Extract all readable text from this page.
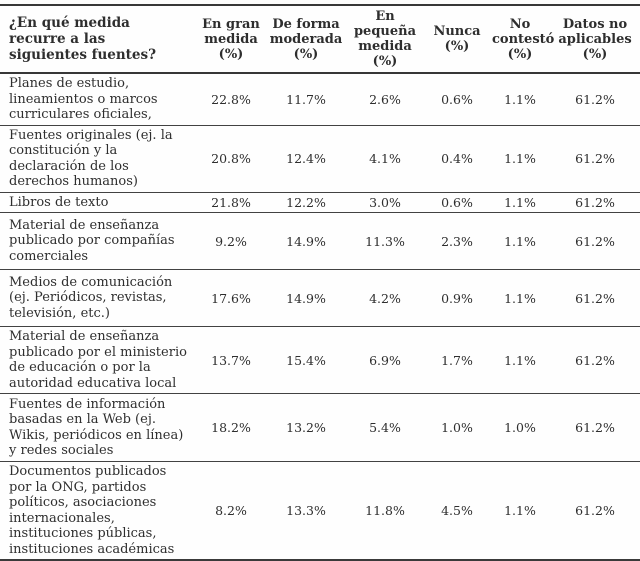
¿En qué medida recurre a las siguientes fuentes?	En gran medida (%)	De forma moderada (%)	En pequeña medida (%)	Nunca (%)	No contestó (%)	Datos no aplicables (%)
Planes de estudio, lineamientos o marcos curriculares oficiales,	22.8%	11.7%	2.6%	0.6%	1.1%	61.2%
Fuentes originales (ej. la constitución y la declaración de los derechos humanos)	20.8%	12.4%	4.1%	0.4%	1.1%	61.2%
Libros de texto	21.8%	12.2%	3.0%	0.6%	1.1%	61.2%
Material de enseñanza publicado por compañías comerciales	9.2%	14.9%	11.3%	2.3%	1.1%	61.2%
Medios de comunicación (ej. Periódicos, revistas, televisión, etc.)	17.6%	14.9%	4.2%	0.9%	1.1%	61.2%
Material de enseñanza publicado por el ministerio de educación o por la autoridad educativa local	13.7%	15.4%	6.9%	1.7%	1.1%	61.2%
Fuentes de información basadas en la Web (ej. Wikis, periódicos en línea) y redes sociales	18.2%	13.2%	5.4%	1.0%	1.0%	61.2%
Documentos publicados por la ONG, partidos políticos, asociaciones internacionales, instituciones públicas, instituciones académicas	8.2%	13.3%	11.8%	4.5%	1.1%	61.2%
